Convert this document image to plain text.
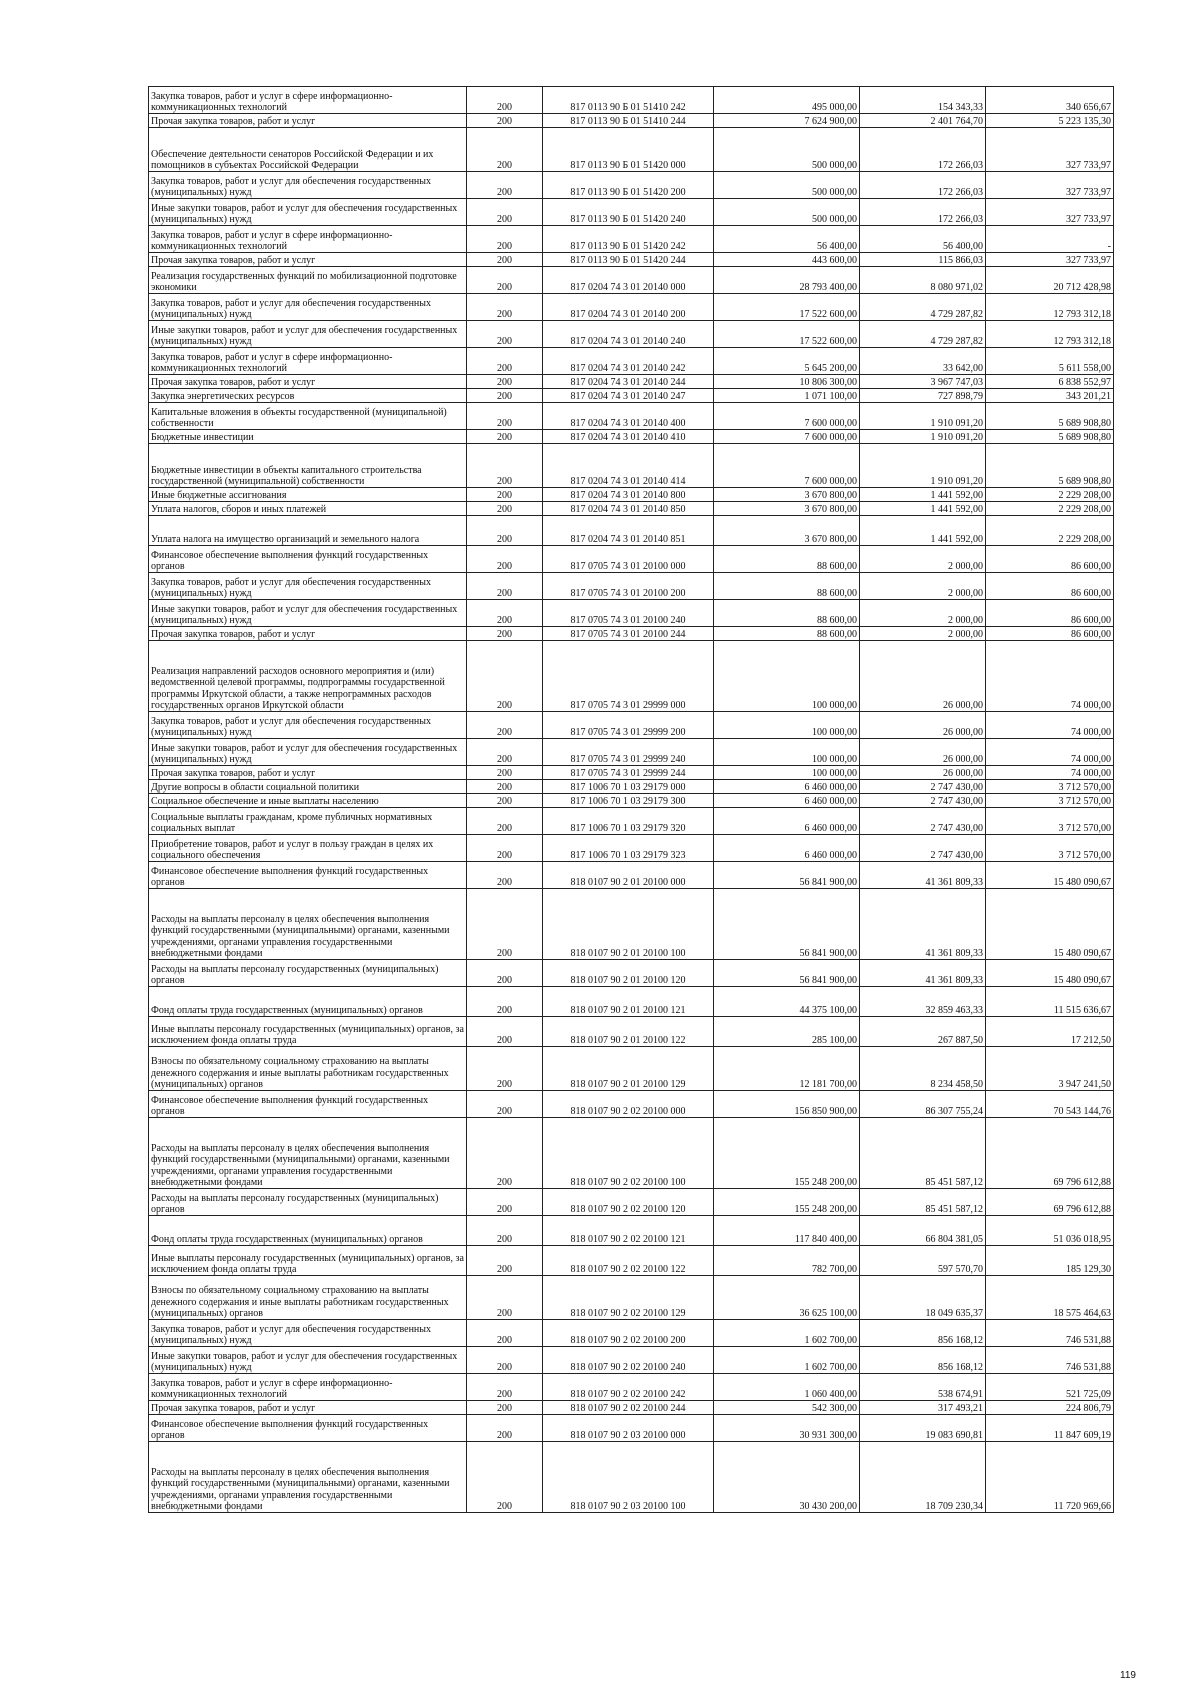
Закупка товаров, работ и услуг в сфере информационно-коммуникационных технологий	200	817 0113 90 Б 01 51410 242	495 000,00	154 343,33	340 656,67
Прочая закупка товаров, работ и услуг	200	817 0113 90 Б 01 51410 244	7 624 900,00	2 401 764,70	5 223 135,30
Обеспечение деятельности сенаторов Российской Федерации и их помощников в субъектах Российской Федерации	200	817 0113 90 Б 01 51420 000	500 000,00	172 266,03	327 733,97
Закупка товаров, работ и услуг для обеспечения государственных (муниципальных) нужд	200	817 0113 90 Б 01 51420 200	500 000,00	172 266,03	327 733,97
Иные закупки товаров, работ и услуг для обеспечения государственных (муниципальных) нужд	200	817 0113 90 Б 01 51420 240	500 000,00	172 266,03	327 733,97
Закупка товаров, работ и услуг в сфере информационно-коммуникационных технологий	200	817 0113 90 Б 01 51420 242	56 400,00	56 400,00	-
Прочая закупка товаров, работ и услуг	200	817 0113 90 Б 01 51420 244	443 600,00	115 866,03	327 733,97
Реализация государственных функций по мобилизационной подготовке экономики	200	817 0204 74 3 01 20140 000	28 793 400,00	8 080 971,02	20 712 428,98
Закупка товаров, работ и услуг для обеспечения государственных (муниципальных) нужд	200	817 0204 74 3 01 20140 200	17 522 600,00	4 729 287,82	12 793 312,18
Иные закупки товаров, работ и услуг для обеспечения государственных (муниципальных) нужд	200	817 0204 74 3 01 20140 240	17 522 600,00	4 729 287,82	12 793 312,18
Закупка товаров, работ и услуг в сфере информационно-коммуникационных технологий	200	817 0204 74 3 01 20140 242	5 645 200,00	33 642,00	5 611 558,00
Прочая закупка товаров, работ и услуг	200	817 0204 74 3 01 20140 244	10 806 300,00	3 967 747,03	6 838 552,97
Закупка энергетических ресурсов	200	817 0204 74 3 01 20140 247	1 071 100,00	727 898,79	343 201,21
Капитальные вложения в объекты государственной (муниципальной) собственности	200	817 0204 74 3 01 20140 400	7 600 000,00	1 910 091,20	5 689 908,80
Бюджетные инвестиции	200	817 0204 74 3 01 20140 410	7 600 000,00	1 910 091,20	5 689 908,80
Бюджетные инвестиции в объекты капитального строительства государственной (муниципальной) собственности	200	817 0204 74 3 01 20140 414	7 600 000,00	1 910 091,20	5 689 908,80
Иные бюджетные ассигнования	200	817 0204 74 3 01 20140 800	3 670 800,00	1 441 592,00	2 229 208,00
Уплата налогов, сборов и иных платежей	200	817 0204 74 3 01 20140 850	3 670 800,00	1 441 592,00	2 229 208,00
Уплата налога на имущество организаций и земельного налога	200	817 0204 74 3 01 20140 851	3 670 800,00	1 441 592,00	2 229 208,00
Финансовое обеспечение выполнения функций государственных органов	200	817 0705 74 3 01 20100 000	88 600,00	2 000,00	86 600,00
Закупка товаров, работ и услуг для обеспечения государственных (муниципальных) нужд	200	817 0705 74 3 01 20100 200	88 600,00	2 000,00	86 600,00
Иные закупки товаров, работ и услуг для обеспечения государственных (муниципальных) нужд	200	817 0705 74 3 01 20100 240	88 600,00	2 000,00	86 600,00
Прочая закупка товаров, работ и услуг	200	817 0705 74 3 01 20100 244	88 600,00	2 000,00	86 600,00
Реализация направлений расходов основного мероприятия и (или) ведомственной целевой программы, подпрограммы государственной программы Иркутской области, а также непрограммных расходов государственных органов Иркутской области	200	817 0705 74 3 01 29999 000	100 000,00	26 000,00	74 000,00
Закупка товаров, работ и услуг для обеспечения государственных (муниципальных) нужд	200	817 0705 74 3 01 29999 200	100 000,00	26 000,00	74 000,00
Иные закупки товаров, работ и услуг для обеспечения государственных (муниципальных) нужд	200	817 0705 74 3 01 29999 240	100 000,00	26 000,00	74 000,00
Прочая закупка товаров, работ и услуг	200	817 0705 74 3 01 29999 244	100 000,00	26 000,00	74 000,00
Другие вопросы в области социальной политики	200	817 1006 70 1 03 29179 000	6 460 000,00	2 747 430,00	3 712 570,00
Социальное обеспечение и иные выплаты населению	200	817 1006 70 1 03 29179 300	6 460 000,00	2 747 430,00	3 712 570,00
Социальные выплаты гражданам, кроме публичных нормативных социальных выплат	200	817 1006 70 1 03 29179 320	6 460 000,00	2 747 430,00	3 712 570,00
Приобретение товаров, работ и услуг в пользу граждан в целях их социального обеспечения	200	817 1006 70 1 03 29179 323	6 460 000,00	2 747 430,00	3 712 570,00
Финансовое обеспечение выполнения функций государственных органов	200	818 0107 90 2 01 20100 000	56 841 900,00	41 361 809,33	15 480 090,67
Расходы на выплаты персоналу в целях обеспечения выполнения функций государственными (муниципальными) органами, казенными учреждениями, органами управления государственными внебюджетными фондами	200	818 0107 90 2 01 20100 100	56 841 900,00	41 361 809,33	15 480 090,67
Расходы на выплаты персоналу государственных (муниципальных) органов	200	818 0107 90 2 01 20100 120	56 841 900,00	41 361 809,33	15 480 090,67
Фонд оплаты труда государственных (муниципальных) органов	200	818 0107 90 2 01 20100 121	44 375 100,00	32 859 463,33	11 515 636,67
Иные выплаты персоналу государственных (муниципальных) органов, за исключением фонда оплаты труда	200	818 0107 90 2 01 20100 122	285 100,00	267 887,50	17 212,50
Взносы по обязательному социальному страхованию на выплаты денежного содержания и иные выплаты работникам государственных (муниципальных) органов	200	818 0107 90 2 01 20100 129	12 181 700,00	8 234 458,50	3 947 241,50
Финансовое обеспечение выполнения функций государственных органов	200	818 0107 90 2 02 20100 000	156 850 900,00	86 307 755,24	70 543 144,76
Расходы на выплаты персоналу в целях обеспечения выполнения функций государственными (муниципальными) органами, казенными учреждениями, органами управления государственными внебюджетными фондами	200	818 0107 90 2 02 20100 100	155 248 200,00	85 451 587,12	69 796 612,88
Расходы на выплаты персоналу государственных (муниципальных) органов	200	818 0107 90 2 02 20100 120	155 248 200,00	85 451 587,12	69 796 612,88
Фонд оплаты труда государственных (муниципальных) органов	200	818 0107 90 2 02 20100 121	117 840 400,00	66 804 381,05	51 036 018,95
Иные выплаты персоналу государственных (муниципальных) органов, за исключением фонда оплаты труда	200	818 0107 90 2 02 20100 122	782 700,00	597 570,70	185 129,30
Взносы по обязательному социальному страхованию на выплаты денежного содержания и иные выплаты работникам государственных (муниципальных) органов	200	818 0107 90 2 02 20100 129	36 625 100,00	18 049 635,37	18 575 464,63
Закупка товаров, работ и услуг для обеспечения государственных (муниципальных) нужд	200	818 0107 90 2 02 20100 200	1 602 700,00	856 168,12	746 531,88
Иные закупки товаров, работ и услуг для обеспечения государственных (муниципальных) нужд	200	818 0107 90 2 02 20100 240	1 602 700,00	856 168,12	746 531,88
Закупка товаров, работ и услуг в сфере информационно-коммуникационных технологий	200	818 0107 90 2 02 20100 242	1 060 400,00	538 674,91	521 725,09
Прочая закупка товаров, работ и услуг	200	818 0107 90 2 02 20100 244	542 300,00	317 493,21	224 806,79
Финансовое обеспечение выполнения функций государственных органов	200	818 0107 90 2 03 20100 000	30 931 300,00	19 083 690,81	11 847 609,19
Расходы на выплаты персоналу в целях обеспечения выполнения функций государственными (муниципальными) органами, казенными учреждениями, органами управления государственными внебюджетными фондами	200	818 0107 90 2 03 20100 100	30 430 200,00	18 709 230,34	11 720 969,66
119
